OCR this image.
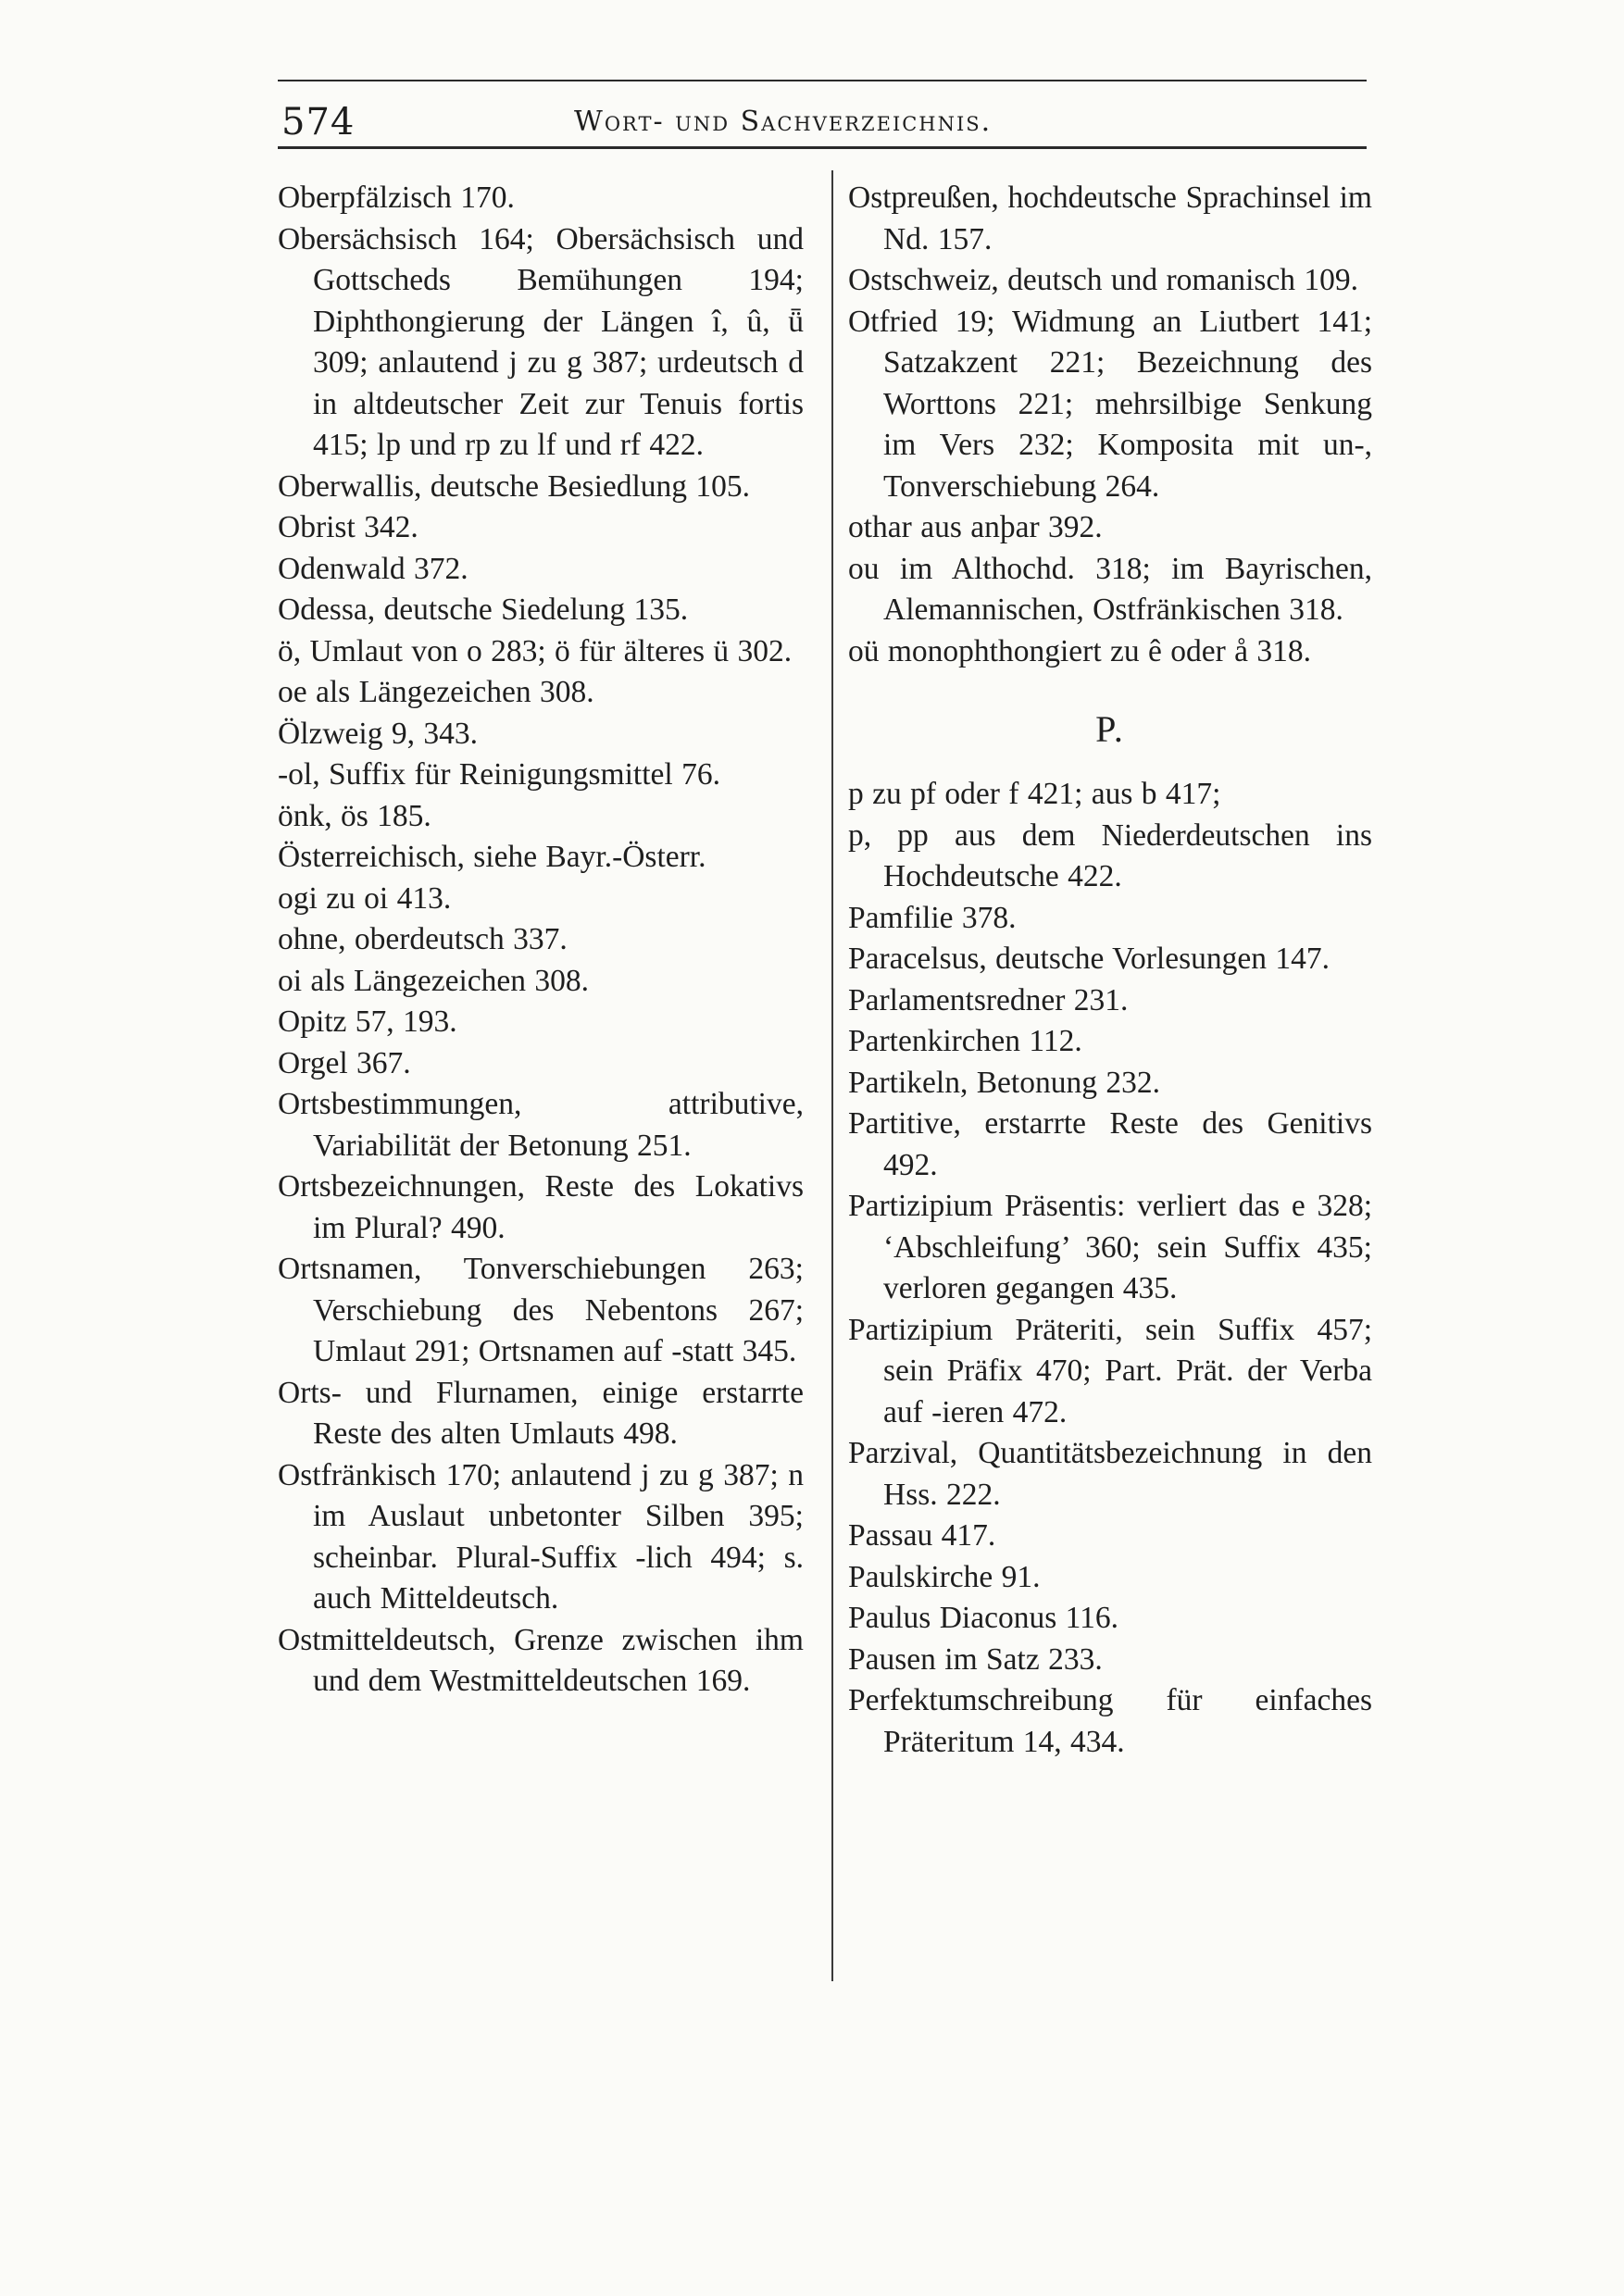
574	Wort- und Sachverzeichnis.

Oberpfälzisch 170.

Obersächsisch 164; Obersächsisch und Gottscheds Bemühungen 194; Diphthongierung der Längen î, û, ǖ 309; anlautend j zu g 387; urdeutsch d in altdeutscher Zeit zur Tenuis fortis 415; lp und rp zu lf und rf 422.

Oberwallis, deutsche Besiedlung 105.

Obrist 342.

Odenwald 372.

Odessa, deutsche Siedelung 135.

ö, Umlaut von o 283; ö für älteres ü 302.

oe als Längezeichen 308.

Ölzweig 9, 343.

-ol, Suffix für Reinigungsmittel 76.

önk, ös 185.

Österreichisch, siehe Bayr.-Österr.

ogi zu oi 413.

ohne, oberdeutsch 337.

oi als Längezeichen 308.

Opitz 57, 193.

Orgel 367.

Ortsbestimmungen, attributive, Variabilität der Betonung 251.

Ortsbezeichnungen, Reste des Lokativs im Plural? 490.

Ortsnamen, Tonverschiebungen 263; Verschiebung des Nebentons 267; Umlaut 291; Ortsnamen auf -statt 345.

Orts- und Flurnamen, einige erstarrte Reste des alten Umlauts 498.

Ostfränkisch 170; anlautend j zu g 387; n im Auslaut unbetonter Silben 395; scheinbar. Plural-Suffix -lich 494; s. auch Mitteldeutsch.

Ostmitteldeutsch, Grenze zwischen ihm und dem Westmitteldeutschen 169.

Ostpreußen, hochdeutsche Sprachinsel im Nd. 157.

Ostschweiz, deutsch und romanisch 109.

Otfried 19; Widmung an Liutbert 141; Satzakzent 221; Bezeichnung des Worttons 221; mehrsilbige Senkung im Vers 232; Komposita mit un-, Tonverschiebung 264.

othar aus anþar 392.

ou im Althochd. 318; im Bayrischen, Alemannischen, Ostfränkischen 318.

oü monophthongiert zu ê oder å 318.

P.

p zu pf oder f 421; aus b 417;

p, pp aus dem Niederdeutschen ins Hochdeutsche 422.

Pamfilie 378.

Paracelsus, deutsche Vorlesungen 147.

Parlamentsredner 231.

Partenkirchen 112.

Partikeln, Betonung 232.

Partitive, erstarrte Reste des Genitivs 492.

Partizipium Präsentis: verliert das e 328; ‘Abschleifung’ 360; sein Suffix 435; verloren gegangen 435.

Partizipium Präteriti, sein Suffix 457; sein Präfix 470; Part. Prät. der Verba auf -ieren 472.

Parzival, Quantitätsbezeichnung in den Hss. 222.

Passau 417.

Paulskirche 91.

Paulus Diaconus 116.

Pausen im Satz 233.

Perfektumschreibung für einfaches Präteritum 14, 434.
